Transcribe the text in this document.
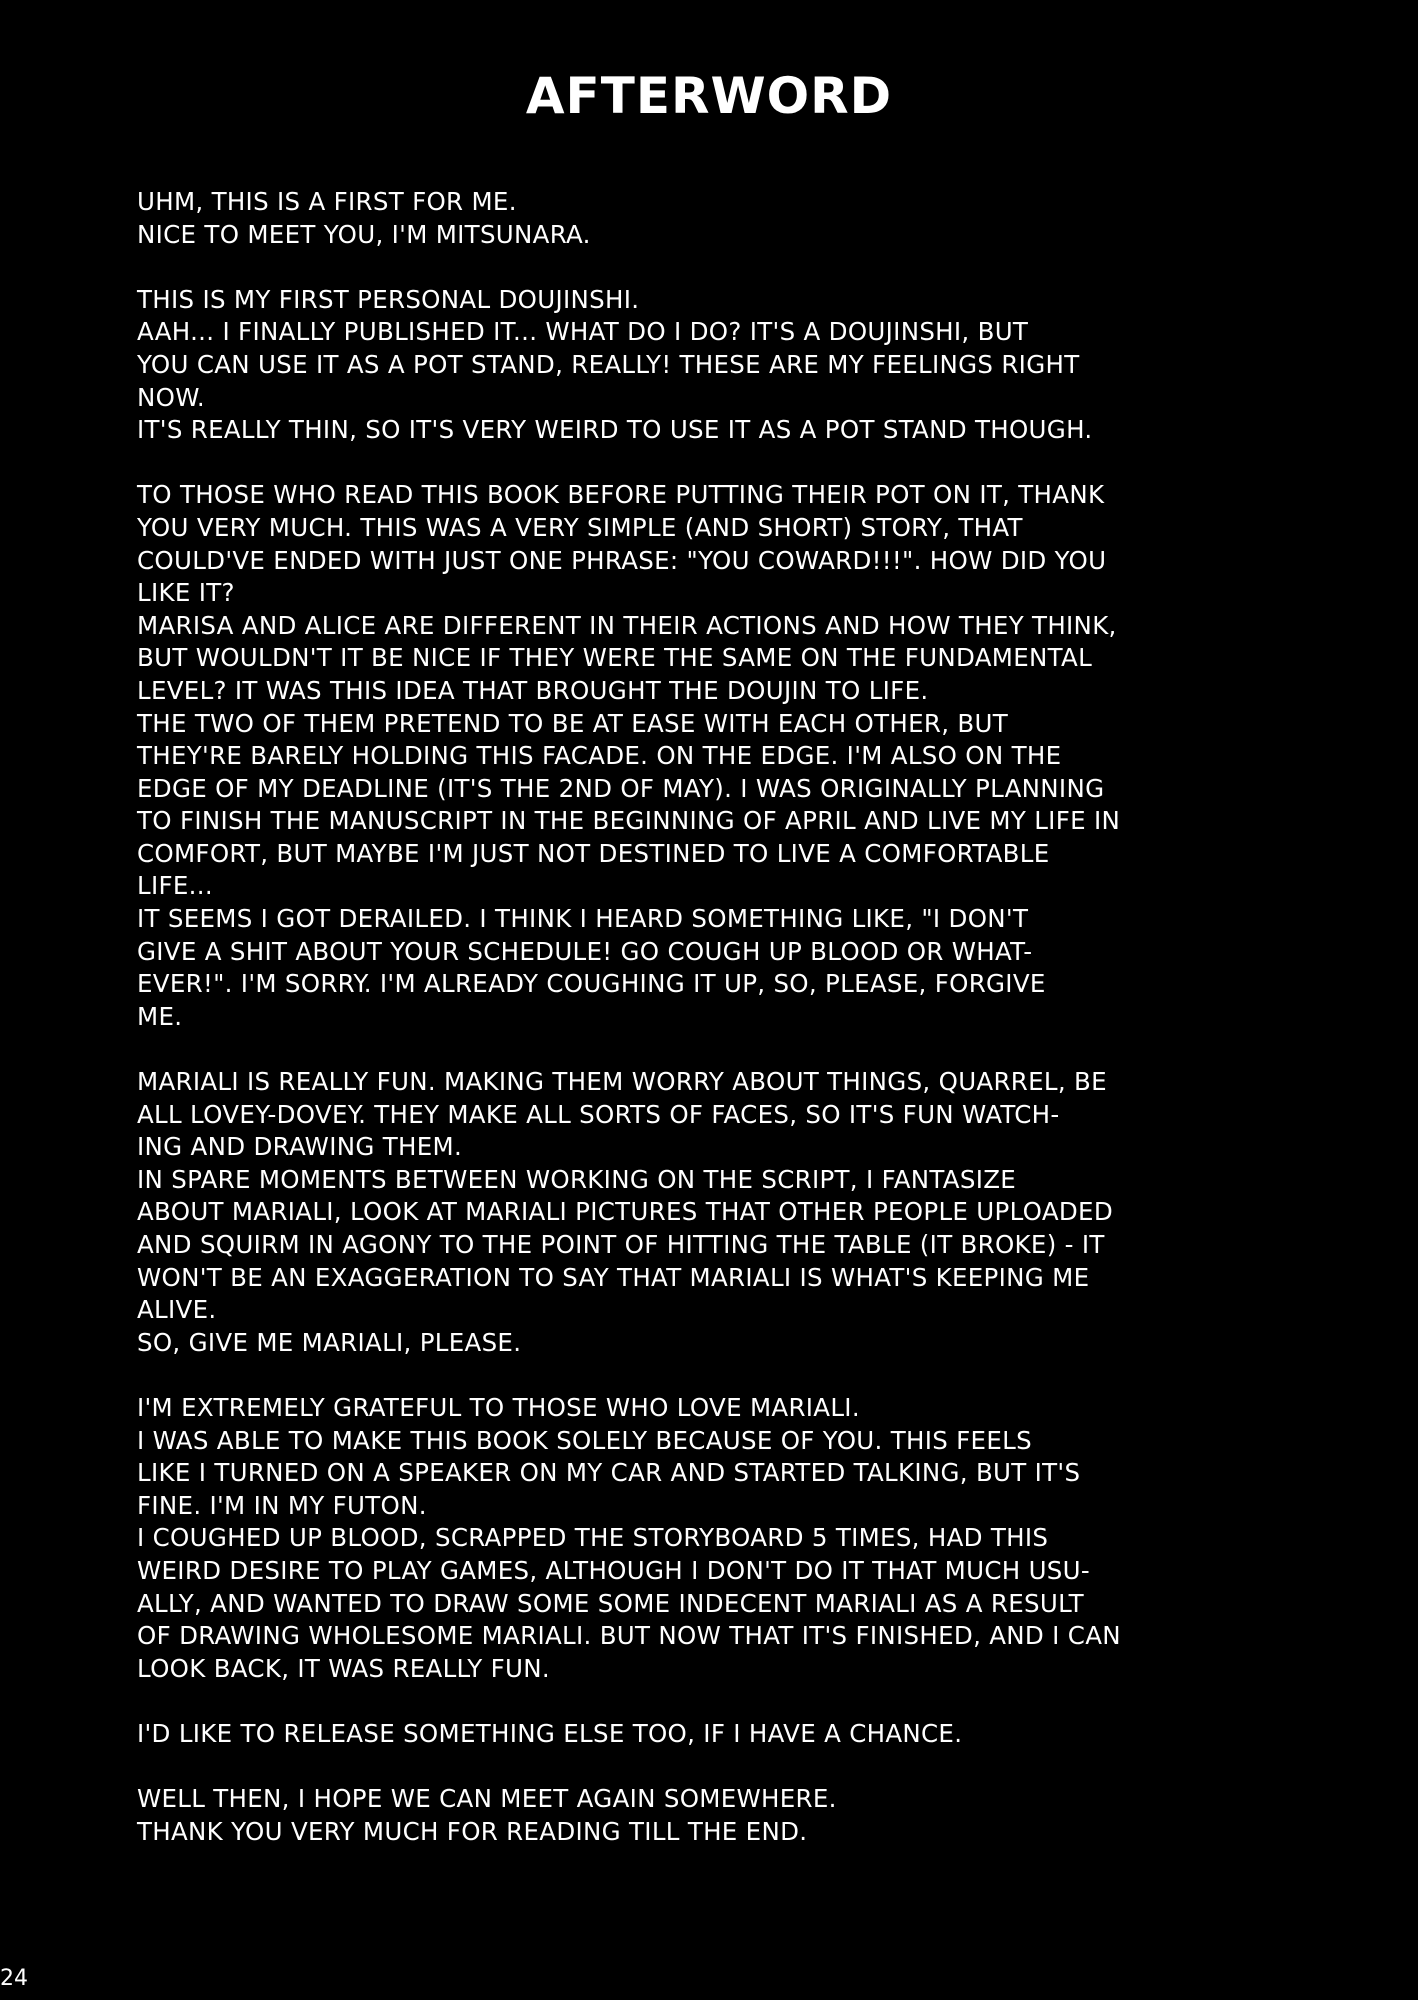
AFTERWORD
UHM, THIS IS A FIRST FOR ME.
NICE TO MEET YOU, I'M MITSUNARA.
THIS IS MY FIRST PERSONAL DOUJINSHI.
AAH... I FINALLY PUBLISHED IT... WHAT DO I DO? IT'S A DOUJINSHI, BUT
YOU CAN USE IT AS A POT STAND, REALLY! THESE ARE MY FEELINGS RIGHT
NOW.
IT'S REALLY THIN, SO IT'S VERY WEIRD TO USE IT AS A POT STAND THOUGH.
TO THOSE WHO READ THIS BOOK BEFORE PUTTING THEIR POT ON IT, THANK
YOU VERY MUCH. THIS WAS A VERY SIMPLE (AND SHORT) STORY, THAT
COULD'VE ENDED WITH JUST ONE PHRASE: "YOU COWARD!!!". HOW DID YOU
LIKE IT?
MARISA AND ALICE ARE DIFFERENT IN THEIR ACTIONS AND HOW THEY THINK,
BUT WOULDN'T IT BE NICE IF THEY WERE THE SAME ON THE FUNDAMENTAL
LEVEL? IT WAS THIS IDEA THAT BROUGHT THE DOUJIN TO LIFE.
THE TWO OF THEM PRETEND TO BE AT EASE WITH EACH OTHER, BUT
THEY'RE BARELY HOLDING THIS FACADE. ON THE EDGE. I'M ALSO ON THE
EDGE OF MY DEADLINE (IT'S THE 2ND OF MAY). I WAS ORIGINALLY PLANNING
TO FINISH THE MANUSCRIPT IN THE BEGINNING OF APRIL AND LIVE MY LIFE IN
COMFORT, BUT MAYBE I'M JUST NOT DESTINED TO LIVE A COMFORTABLE
LIFE...
IT SEEMS I GOT DERAILED. I THINK I HEARD SOMETHING LIKE, "I DON'T
GIVE A SHIT ABOUT YOUR SCHEDULE! GO COUGH UP BLOOD OR WHAT-
EVER!". I'M SORRY. I'M ALREADY COUGHING IT UP, SO, PLEASE, FORGIVE
ME.
MARIALI IS REALLY FUN. MAKING THEM WORRY ABOUT THINGS, QUARREL, BE
ALL LOVEY-DOVEY. THEY MAKE ALL SORTS OF FACES, SO IT'S FUN WATCH-
ING AND DRAWING THEM.
IN SPARE MOMENTS BETWEEN WORKING ON THE SCRIPT, I FANTASIZE
ABOUT MARIALI, LOOK AT MARIALI PICTURES THAT OTHER PEOPLE UPLOADED
AND SQUIRM IN AGONY TO THE POINT OF HITTING THE TABLE (IT BROKE) - IT
WON'T BE AN EXAGGERATION TO SAY THAT MARIALI IS WHAT'S KEEPING ME
ALIVE.
SO, GIVE ME MARIALI, PLEASE.
I'M EXTREMELY GRATEFUL TO THOSE WHO LOVE MARIALI.
I WAS ABLE TO MAKE THIS BOOK SOLELY BECAUSE OF YOU. THIS FEELS
LIKE I TURNED ON A SPEAKER ON MY CAR AND STARTED TALKING, BUT IT'S
FINE. I'M IN MY FUTON.
I COUGHED UP BLOOD, SCRAPPED THE STORYBOARD 5 TIMES, HAD THIS
WEIRD DESIRE TO PLAY GAMES, ALTHOUGH I DON'T DO IT THAT MUCH USU-
ALLY, AND WANTED TO DRAW SOME SOME INDECENT MARIALI AS A RESULT
OF DRAWING WHOLESOME MARIALI. BUT NOW THAT IT'S FINISHED, AND I CAN
LOOK BACK, IT WAS REALLY FUN.
I'D LIKE TO RELEASE SOMETHING ELSE TOO, IF I HAVE A CHANCE.
WELL THEN, I HOPE WE CAN MEET AGAIN SOMEWHERE.
THANK YOU VERY MUCH FOR READING TILL THE END.
24
